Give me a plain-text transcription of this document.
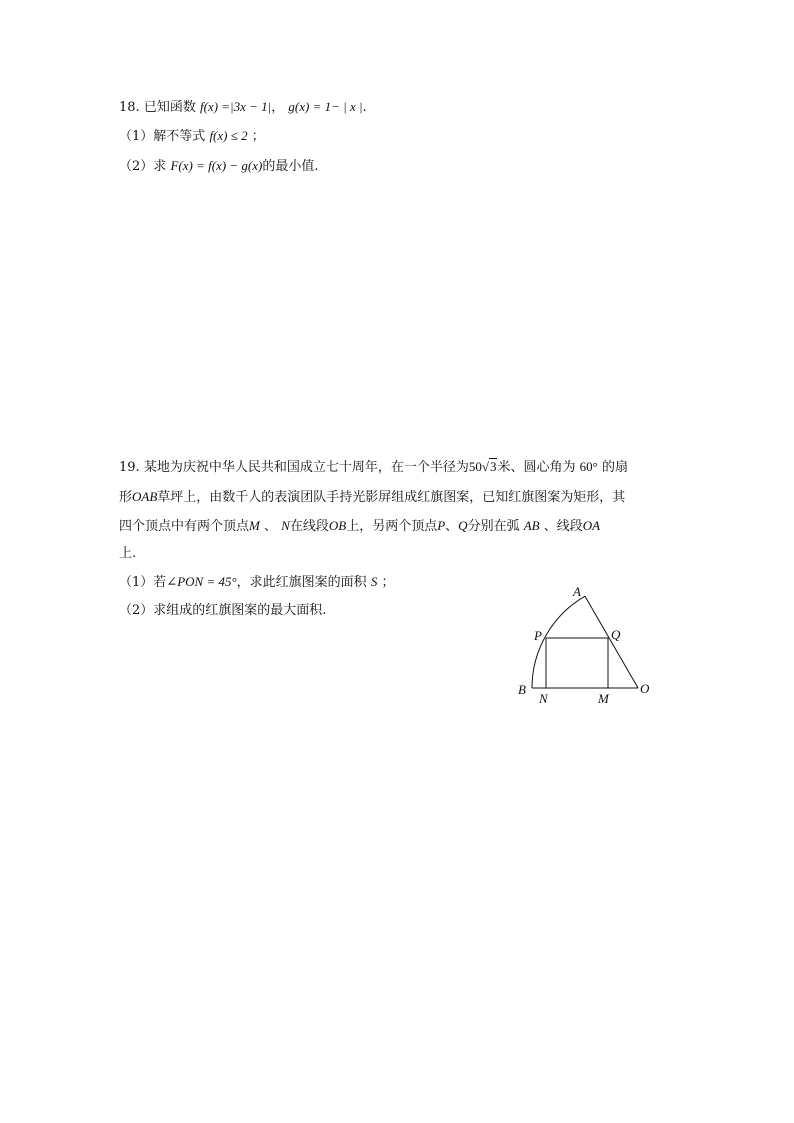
18. 已知函数 f(x) =|3x − 1|， g(x) = 1− | x |.
（1）解不等式 f(x) ≤ 2 ；
（2）求 F(x) = f(x) − g(x)的最小值.
19. 某地为庆祝中华人民共和国成立七十周年，在一个半径为50√3米、圆心角为 60° 的扇
形OAB草坪上，由数千人的表演团队手持光影屏组成红旗图案，已知红旗图案为矩形，其
四个顶点中有两个顶点M 、 N在线段OB上，另两个顶点P、Q分别在弧 AB 、线段OA
上.
（1）若∠PON = 45°，求此红旗图案的面积 S ；
（2）求组成的红旗图案的最大面积.
A
B	O
P	Q
N	M
